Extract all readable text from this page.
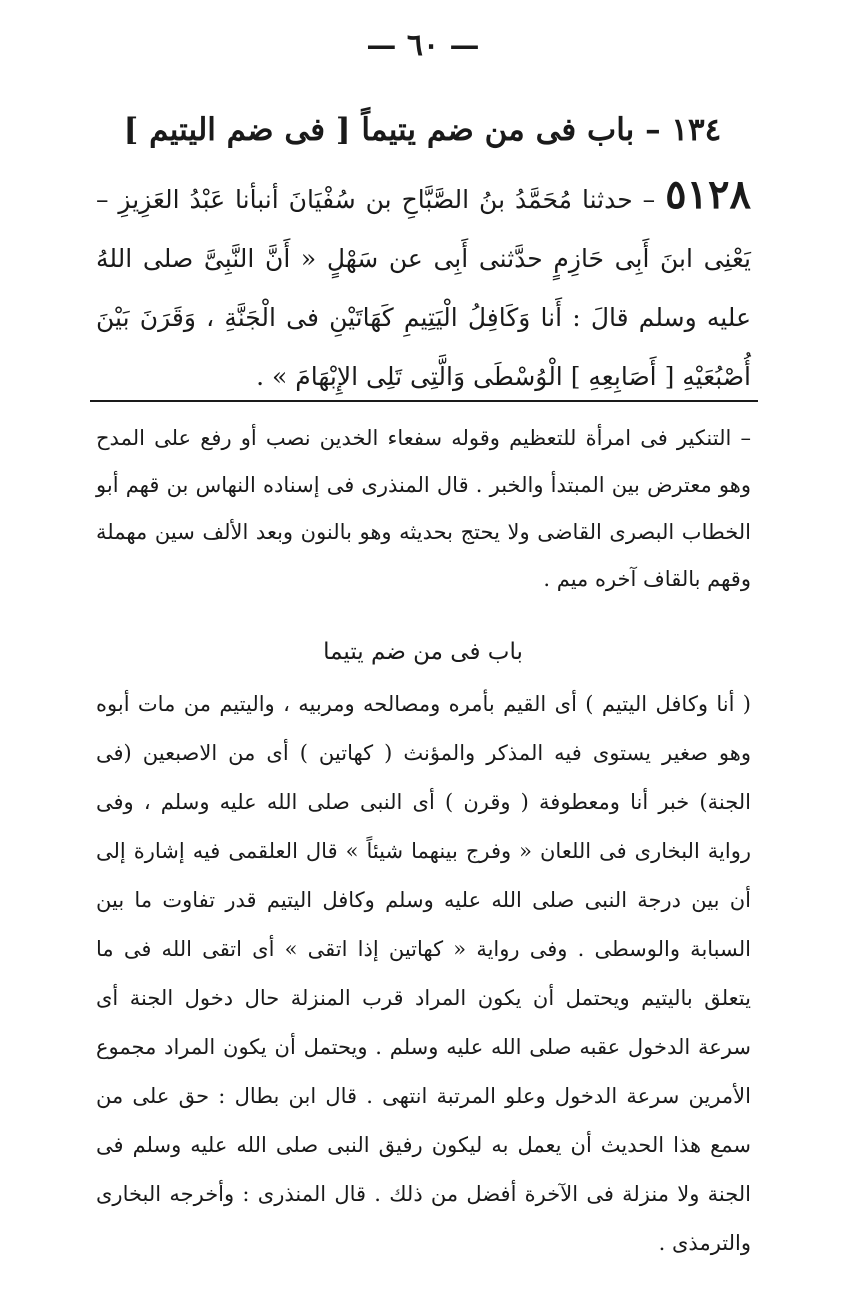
— ٦٠ —
١٣٤ – باب فى من ضم يتيماً [ فى ضم اليتيم ]
٥١٢٨ – حدثنا مُحَمَّدُ بنُ الصَّبَّاحِ بن سُفْيَانَ أنبأنا عَبْدُ العَزِيزِ – يَعْنِى ابنَ أَبِى حَازِمٍ حدَّثنى أَبِى عن سَهْلٍ « أَنَّ النَّبِىَّ صلى اللهُ عليه وسلم قالَ : أَنا وَكَافِلُ الْيَتِيمِ كَهَاتَيْنِ فى الْجَنَّةِ ، وَقَرَنَ بَيْنَ أُصْبُعَيْهِ [ أَصَابِعِهِ ] الْوُسْطَى وَالَّتِى تَلِى الإِبْهَامَ » .

– التنكير فى امرأة للتعظيم وقوله سفعاء الخدين نصب أو رفع على المدح وهو معترض بين المبتدأ والخبر . قال المنذرى فى إسناده النهاس بن قهم أبو الخطاب البصرى القاضى ولا يحتج بحديثه وهو بالنون وبعد الألف سين مهملة وقهم بالقاف آخره ميم .

باب فى من ضم يتيما

( أنا وكافل اليتيم ) أى القيم بأمره ومصالحه ومربيه ، واليتيم من مات أبوه وهو صغير يستوى فيه المذكر والمؤنث ( كهاتين ) أى من الاصبعين (فى الجنة) خبر أنا ومعطوفة ( وقرن ) أى النبى صلى الله عليه وسلم ، وفى رواية البخارى فى اللعان « وفرج بينهما شيئاً » قال العلقمى فيه إشارة إلى أن بين درجة النبى صلى الله عليه وسلم وكافل اليتيم قدر تفاوت ما بين السبابة والوسطى . وفى رواية « كهاتين إذا اتقى » أى اتقى الله فى ما يتعلق باليتيم ويحتمل أن يكون المراد قرب المنزلة حال دخول الجنة أى سرعة الدخول عقبه صلى الله عليه وسلم . ويحتمل أن يكون المراد مجموع الأمرين سرعة الدخول وعلو المرتبة انتهى . قال ابن بطال : حق على من سمع هذا الحديث أن يعمل به ليكون رفيق النبى صلى الله عليه وسلم فى الجنة ولا منزلة فى الآخرة أفضل من ذلك . قال المنذرى : وأخرجه البخارى والترمذى .
